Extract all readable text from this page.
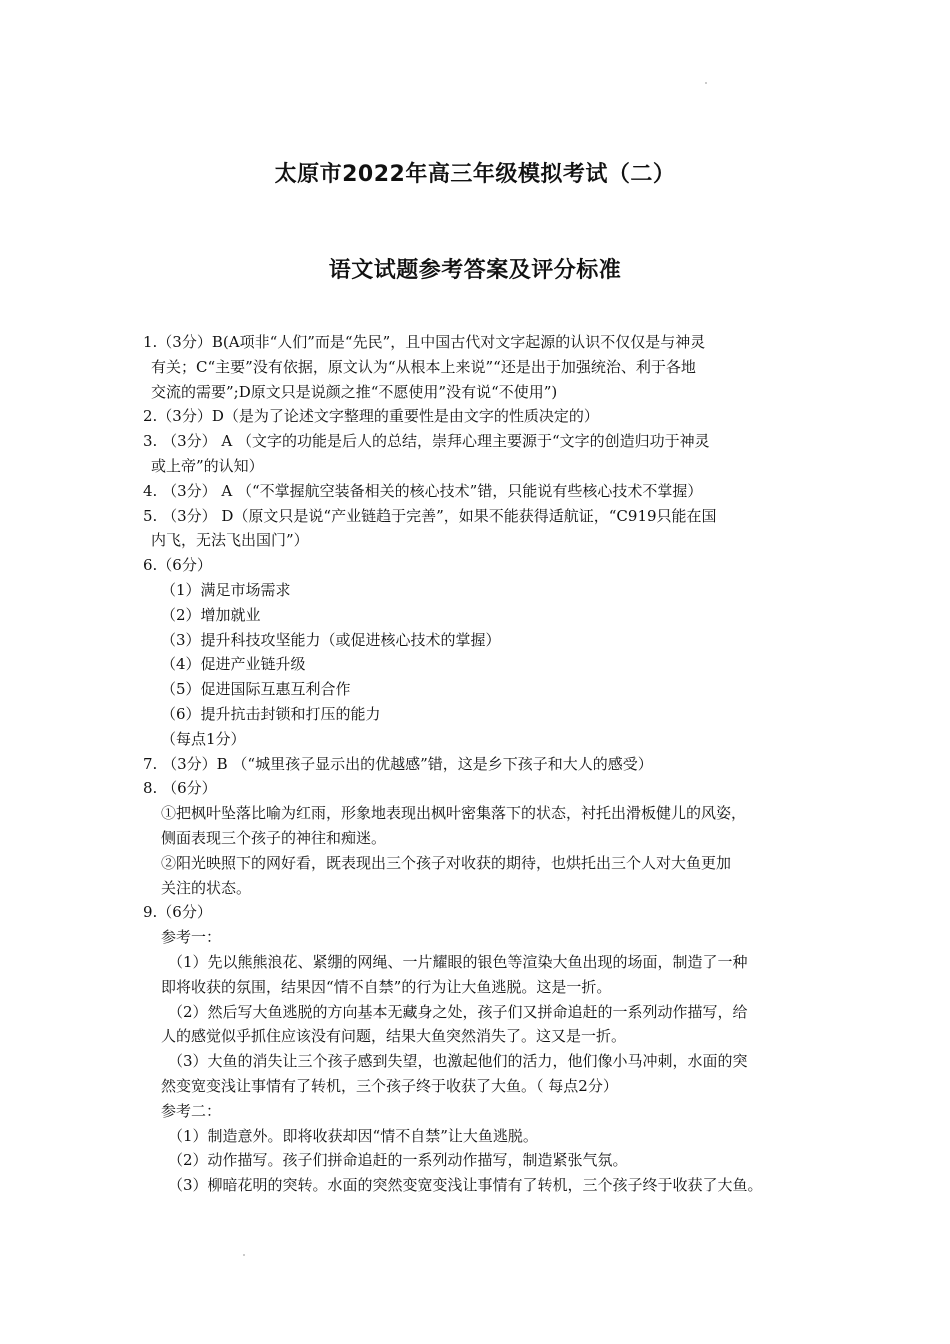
太原市2022年高三年级模拟考试（二）
语文试题参考答案及评分标准
1.（3分）B(A项非“人们”而是“先民”，且中国古代对文字起源的认识不仅仅是与神灵
有关；C“主要”没有依据，原文认为“从根本上来说”“还是出于加强统治、利于各地
交流的需要”;D原文只是说颜之推“不愿使用”没有说“不使用”)
2.（3分）D（是为了论述文字整理的重要性是由文字的性质决定的）
3. （3分） A （文字的功能是后人的总结，崇拜心理主要源于“文字的创造归功于神灵
或上帝”的认知）
4. （3分） A （“不掌握航空装备相关的核心技术”错，只能说有些核心技术不掌握）
5. （3分） D（原文只是说“产业链趋于完善”，如果不能获得适航证，“C919只能在国
内飞，无法飞出国门”）
6.（6分）
（1）满足市场需求
（2）增加就业
（3）提升科技攻坚能力（或促进核心技术的掌握）
（4）促进产业链升级
（5）促进国际互惠互利合作
（6）提升抗击封锁和打压的能力
（每点1分）
7. （3分）B （“城里孩子显示出的优越感”错，这是乡下孩子和大人的感受）
8. （6分）
①把枫叶坠落比喻为红雨，形象地表现出枫叶密集落下的状态，衬托出滑板健儿的风姿，
侧面表现三个孩子的神往和痴迷。
②阳光映照下的网好看，既表现出三个孩子对收获的期待，也烘托出三个人对大鱼更加
关注的状态。
9.（6分）
参考一：
（1）先以熊熊浪花、紧绷的网绳、一片耀眼的银色等渲染大鱼出现的场面，制造了一种
即将收获的氛围，结果因“情不自禁”的行为让大鱼逃脱。这是一折。
（2）然后写大鱼逃脱的方向基本无藏身之处，孩子们又拼命追赶的一系列动作描写，给
人的感觉似乎抓住应该没有问题，结果大鱼突然消失了。这又是一折。
（3）大鱼的消失让三个孩子感到失望，也激起他们的活力，他们像小马冲刺，水面的突
然变宽变浅让事情有了转机，三个孩子终于收获了大鱼。（ 每点2分）
参考二：
（1）制造意外。即将收获却因“情不自禁”让大鱼逃脱。
（2）动作描写。孩子们拼命追赶的一系列动作描写，制造紧张气氛。
（3）柳暗花明的突转。水面的突然变宽变浅让事情有了转机，三个孩子终于收获了大鱼。
